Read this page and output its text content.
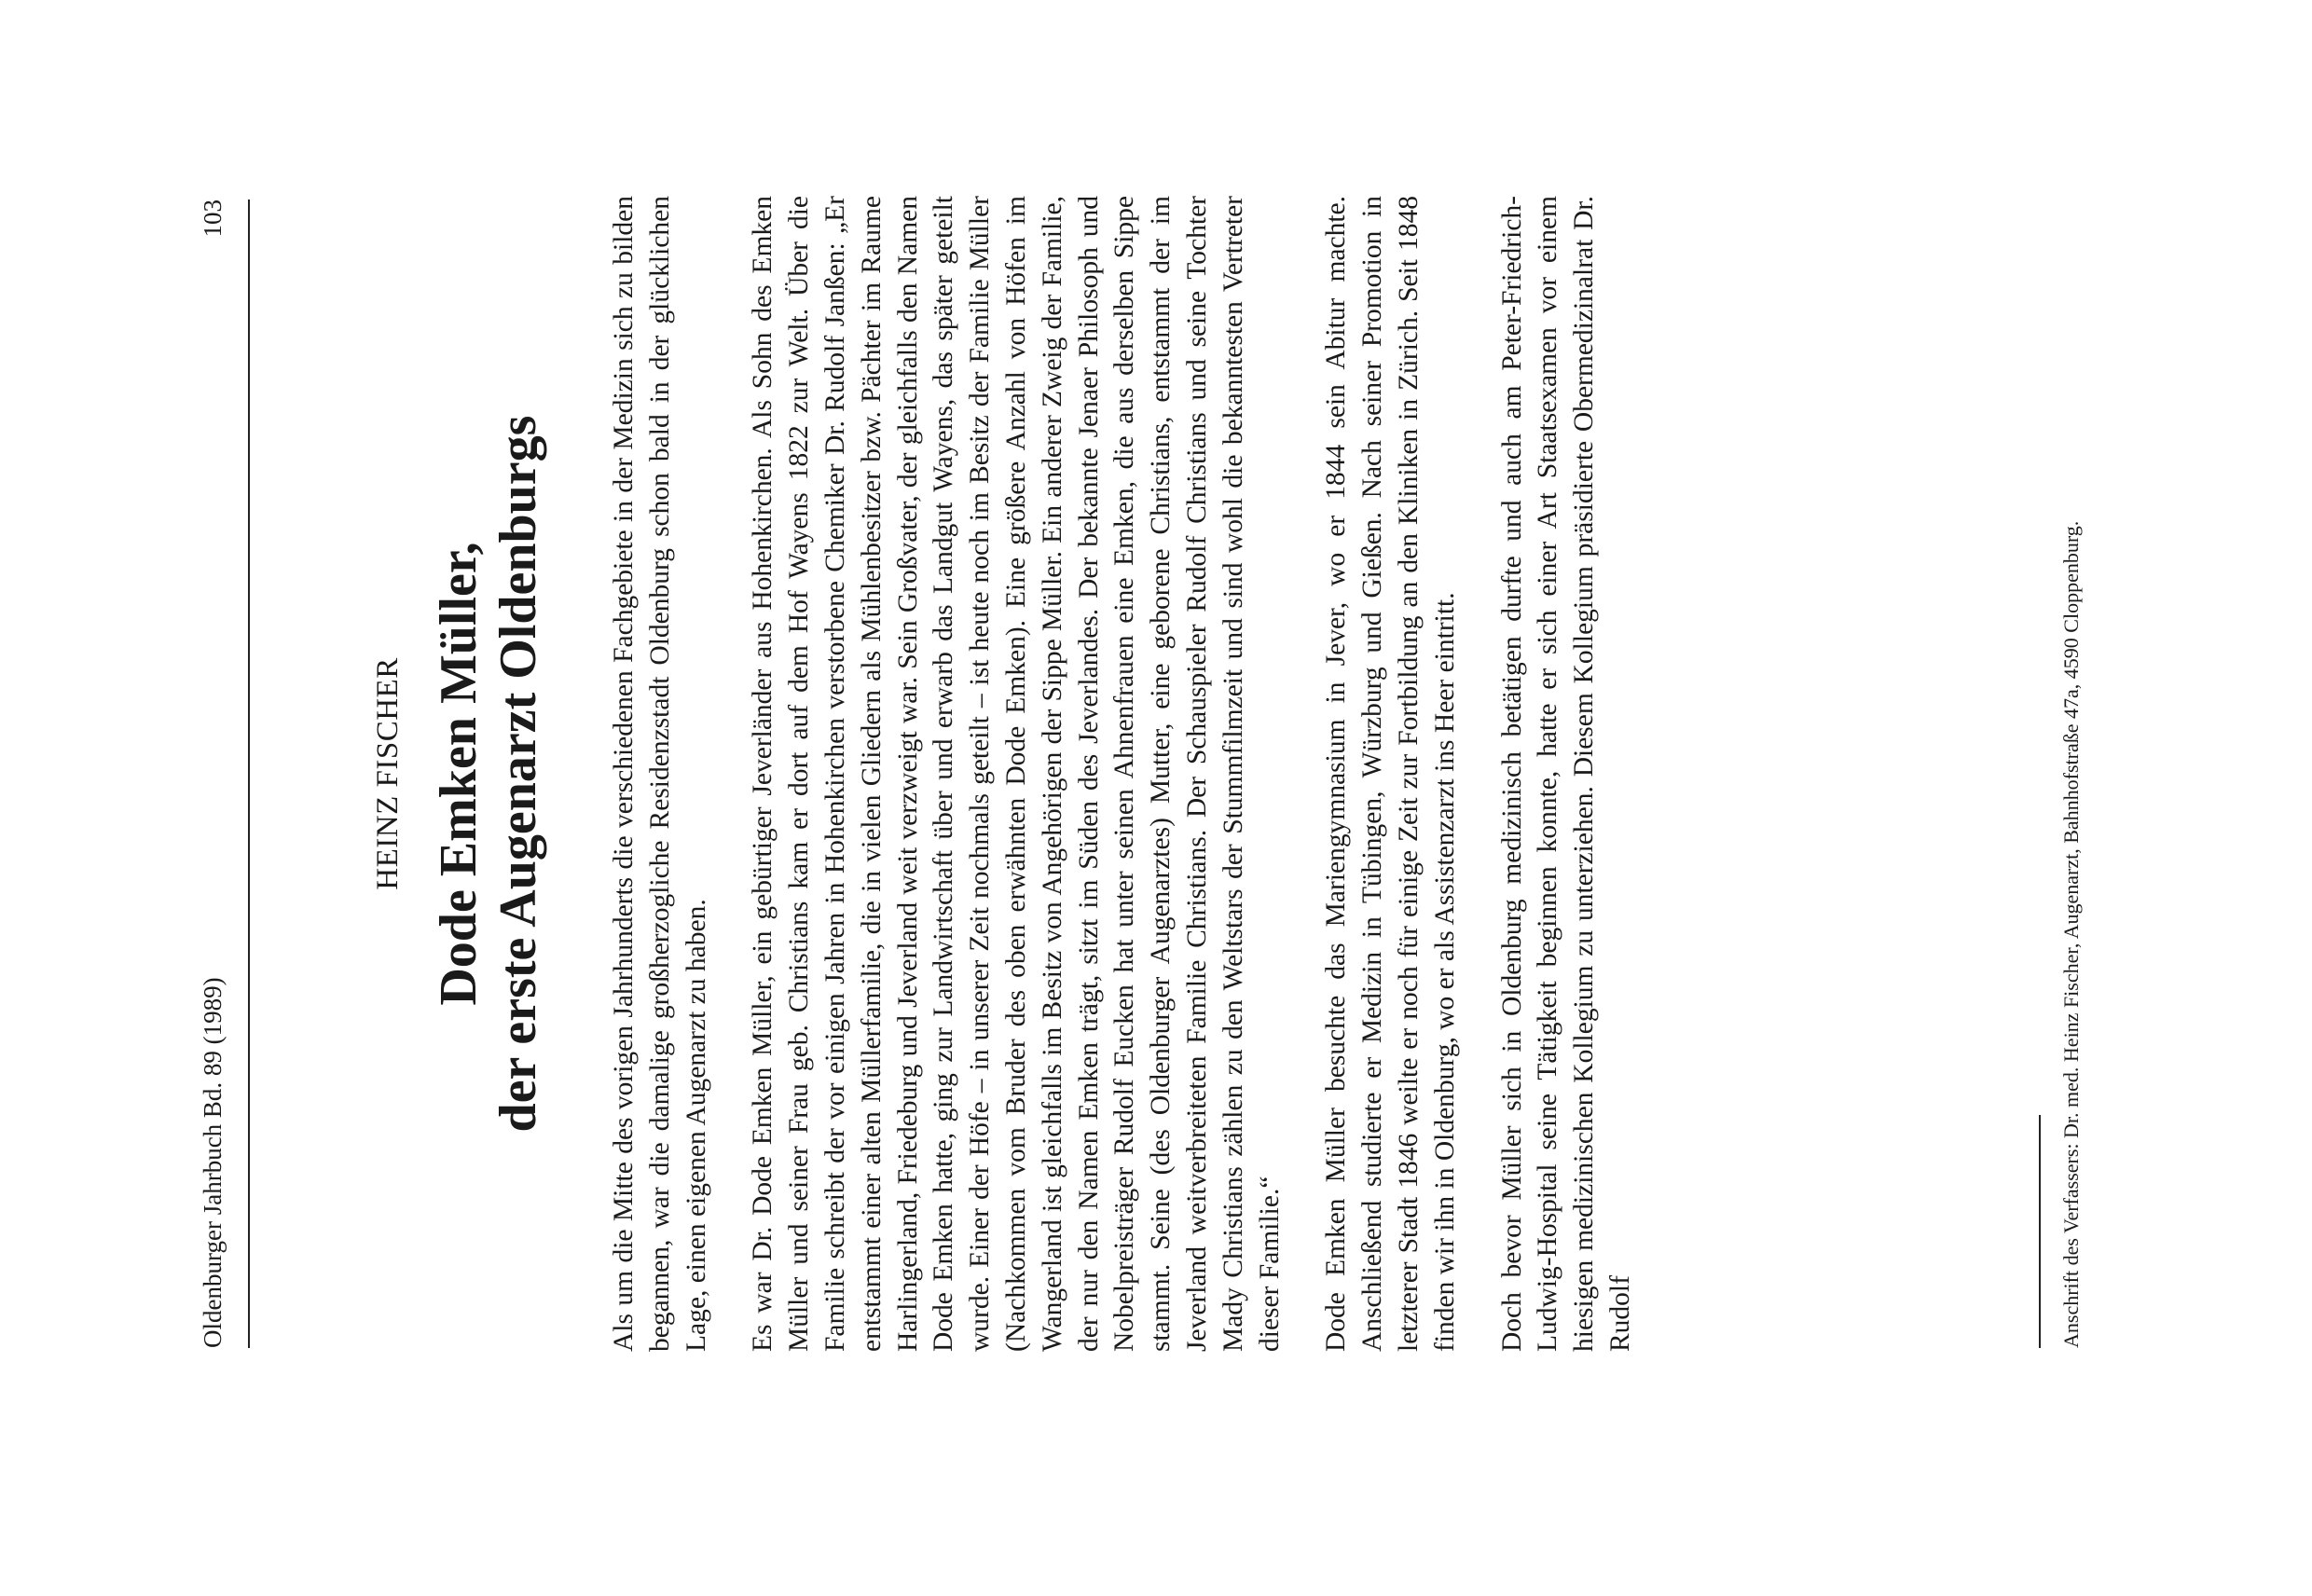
Oldenburger Jahrbuch Bd. 89 (1989)
103
HEINZ FISCHER Dode Emken Müller, der erste Augenarzt Oldenburgs Als um die Mitte des vorigen Jahrhunderts die verschiedenen Fachgebiete in der Medizin sich zu bilden begannen, war die damalige großherzogliche Residenzstadt Oldenburg schon bald in der glücklichen Lage, einen eigenen Augenarzt zu haben. Es war Dr. Dode Emken Müller, ein gebürtiger Jeverländer aus Hohenkirchen. Als Sohn des Emken Müller und seiner Frau geb. Christians kam er dort auf dem Hof Wayens 1822 zur Welt. Über die Familie schreibt der vor einigen Jahren in Hohenkirchen verstorbene Chemiker Dr. Rudolf Janßen: „Er entstammt einer alten Müllerfamilie, die in vielen Gliedern als Mühlenbesitzer bzw. Pächter im Raume Harlingerland, Friedeburg und Jeverland weit verzweigt war. Sein Großvater, der gleichfalls den Namen Dode Emken hatte, ging zur Landwirtschaft über und erwarb das Landgut Wayens, das später geteilt wurde. Einer der Höfe – in unserer Zeit nochmals geteilt – ist heute noch im Besitz der Familie Müller (Nachkommen vom Bruder des oben erwähnten Dode Emken). Eine größere Anzahl von Höfen im Wangerland ist gleichfalls im Besitz von Angehörigen der Sippe Müller. Ein anderer Zweig der Familie, der nur den Namen Emken trägt, sitzt im Süden des Jeverlandes. Der bekannte Jenaer Philosoph und Nobelpreisträger Rudolf Eucken hat unter seinen Ahnenfrauen eine Emken, die aus derselben Sippe stammt. Seine (des Oldenburger Augenarztes) Mutter, eine geborene Christians, entstammt der im Jeverland weitverbreiteten Familie Christians. Der Schauspieler Rudolf Christians und seine Tochter Mady Christians zählen zu den Weltstars der Stummfilmzeit und sind wohl die bekanntesten Vertreter dieser Familie.“ Dode Emken Müller besuchte das Mariengymnasium in Jever, wo er 1844 sein Abitur machte. Anschließend studierte er Medizin in Tübingen, Würzburg und Gießen. Nach seiner Promotion in letzterer Stadt 1846 weilte er noch für einige Zeit zur Fortbildung an den Kliniken in Zürich. Seit 1848 finden wir ihn in Oldenburg, wo er als Assistenzarzt ins Heer eintritt. Doch bevor Müller sich in Oldenburg medizinisch betätigen durfte und auch am Peter-Friedrich-Ludwig-Hospital seine Tätigkeit beginnen konnte, hatte er sich einer Art Staatsexamen vor einem hiesigen medizinischen Kollegium zu unterziehen. Diesem Kollegium präsidierte Obermedizinalrat Dr. Rudolf	Anschrift des Verfassers: Dr. med. Heinz Fischer, Augenarzt, Bahnhofstraße 47a, 4590 Cloppenburg.
